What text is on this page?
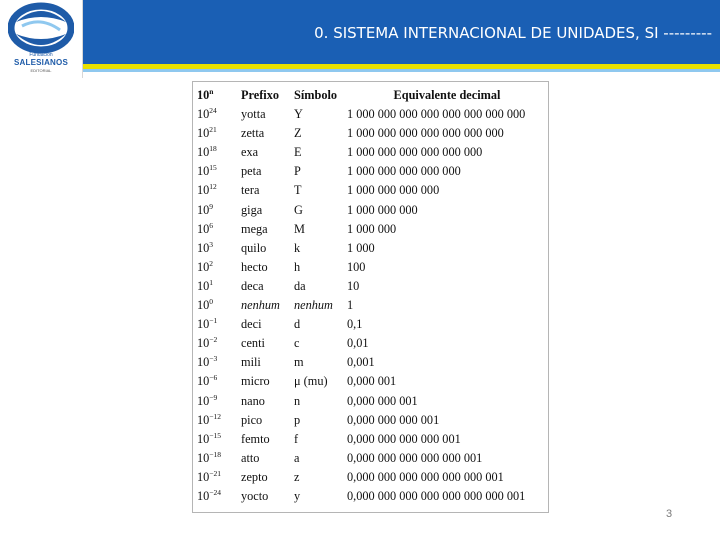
Fundación
SALESIANOS
EDITORIAL
0. SISTEMA INTERNACIONAL DE UNIDADES, SI ---------
10$^n$	Prefixo	Símbolo	Equivalente decimal
$10^{24}$	yotta	Y	1 000 000 000 000 000 000 000 000
$10^{21}$	zetta	Z	1 000 000 000 000 000 000 000
$10^{18}$	exa	E	1 000 000 000 000 000 000
$10^{15}$	peta	P	1 000 000 000 000 000
$10^{12}$	tera	T	1 000 000 000 000
$10^9$	giga	G	1 000 000 000
$10^6$	mega	M	1 000 000
$10^3$	quilo	k	1 000
$10^2$	hecto	h	100
$10^1$	deca	da	10
$10^0$	nenhum	nenhum	1
$10^{-1}$	deci	d	0,1
$10^{-2}$	centi	c	0,01
$10^{-3}$	mili	m	0,001
$10^{-6}$	micro	μ (mu)	0,000 001
$10^{-9}$	nano	n	0,000 000 001
$10^{-12}$	pico	p	0,000 000 000 001
$10^{-15}$	femto	f	0,000 000 000 000 001
$10^{-18}$	atto	a	0,000 000 000 000 000 001
$10^{-21}$	zepto	z	0,000 000 000 000 000 000 001
$10^{-24}$	yocto	y	0,000 000 000 000 000 000 000 001
3
